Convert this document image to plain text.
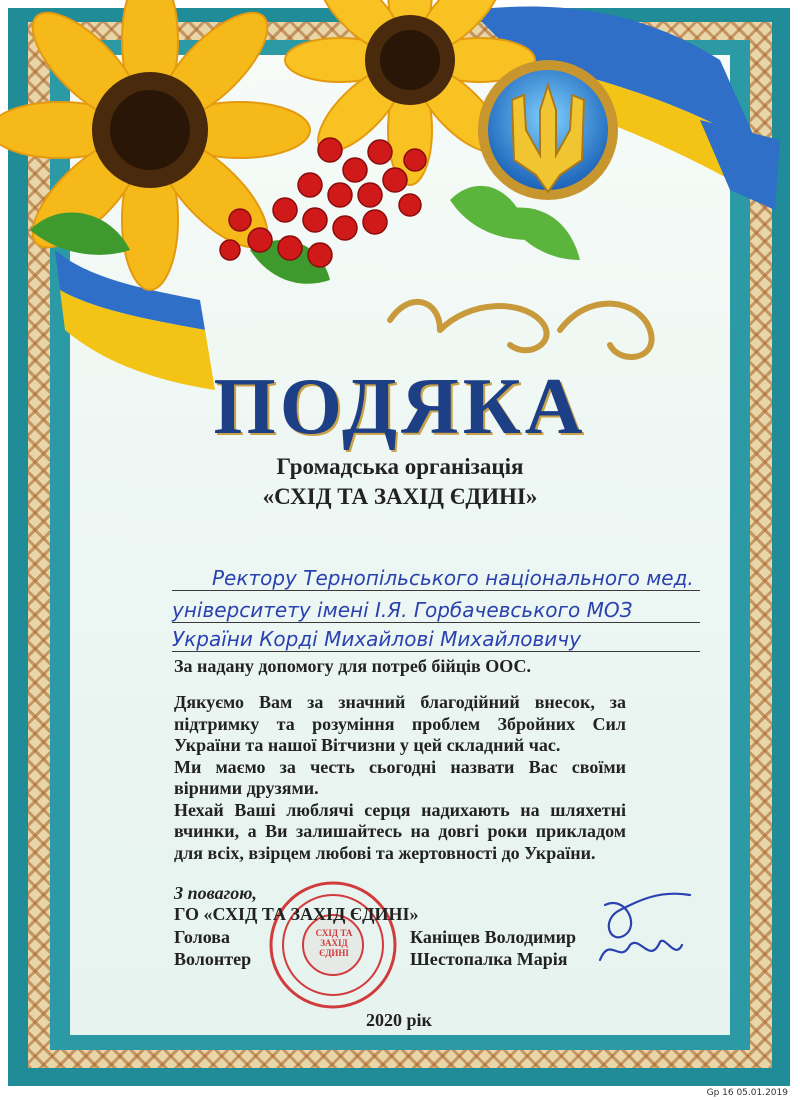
ПОДЯКА
Громадська організація
«СХІД ТА ЗАХІД ЄДИНІ»
Ректору Тернопільського національного мед.
університету імені І.Я. Горбачевського МОЗ
України Корді Михайлові Михайловичу
За надану допомогу для потреб бійців ООС.

Дякуємо Вам за значний благодійний внесок, за підтримку та розуміння проблем Збройних Сил України та нашої Вітчизни у цей складний час.

Ми маємо за честь сьогодні назвати Вас своїми вірними друзями.

Нехай Ваші люблячі серця надихають на шляхетні вчинки, а Ви залишайтесь на довгі роки прикладом для всіх, взірцем любові та жертовності до України.

З повагою,
ГО «СХІД ТА ЗАХІД ЄДИНІ»
Голова	Каніщев Володимир
Волонтер	Шестопалка Марія
СХІД ТА ЗАХІД ЄДИНІ
2020 рік
Gp 16 05.01.2019
